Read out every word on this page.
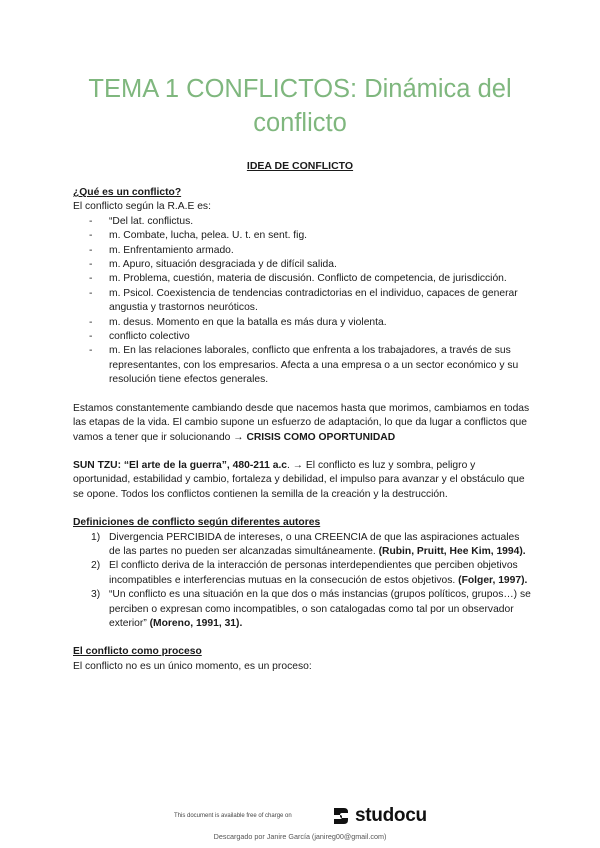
TEMA 1 CONFLICTOS: Dinámica del conflicto
IDEA DE CONFLICTO

¿Qué es un conflicto?

El conflicto según la R.A.E es:

- “Del lat. conflictus.
- m. Combate, lucha, pelea. U. t. en sent. fig.
- m. Enfrentamiento armado.
- m. Apuro, situación desgraciada y de difícil salida.
- m. Problema, cuestión, materia de discusión. Conflicto de competencia, de jurisdicción.
- m. Psicol. Coexistencia de tendencias contradictorias en el individuo, capaces de generar angustia y trastornos neuróticos.
- m. desus. Momento en que la batalla es más dura y violenta.
- conflicto colectivo
- m. En las relaciones laborales, conflicto que enfrenta a los trabajadores, a través de sus representantes, con los empresarios. Afecta a una empresa o a un sector económico y su resolución tiene efectos generales.

Estamos constantemente cambiando desde que nacemos hasta que morimos, cambiamos en todas las etapas de la vida. El cambio supone un esfuerzo de adaptación, lo que da lugar a conflictos que vamos a tener que ir solucionando → CRISIS COMO OPORTUNIDAD

SUN TZU: “El arte de la guerra”, 480-211 a.c. → El conflicto es luz y sombra, peligro y oportunidad, estabilidad y cambio, fortaleza y debilidad, el impulso para avanzar y el obstáculo que se opone. Todos los conflictos contienen la semilla de la creación y la destrucción.

Definiciones de conflicto según diferentes autores

1) Divergencia PERCIBIDA de intereses, o una CREENCIA de que las aspiraciones actuales de las partes no pueden ser alcanzadas simultáneamente. (Rubin, Pruitt, Hee Kim, 1994).
2) El conflicto deriva de la interacción de personas interdependientes que perciben objetivos incompatibles e interferencias mutuas en la consecución de estos objetivos. (Folger, 1997).
3) “Un conflicto es una situación en la que dos o más instancias (grupos políticos, grupos…) se perciben o expresan como incompatibles, o son catalogadas como tal por un observador exterior” (Moreno, 1991, 31).

El conflicto como proceso

El conflicto no es un único momento, es un proceso:

This document is available free of charge on	studocu
Descargado por Janire García (janireg00@gmail.com)
